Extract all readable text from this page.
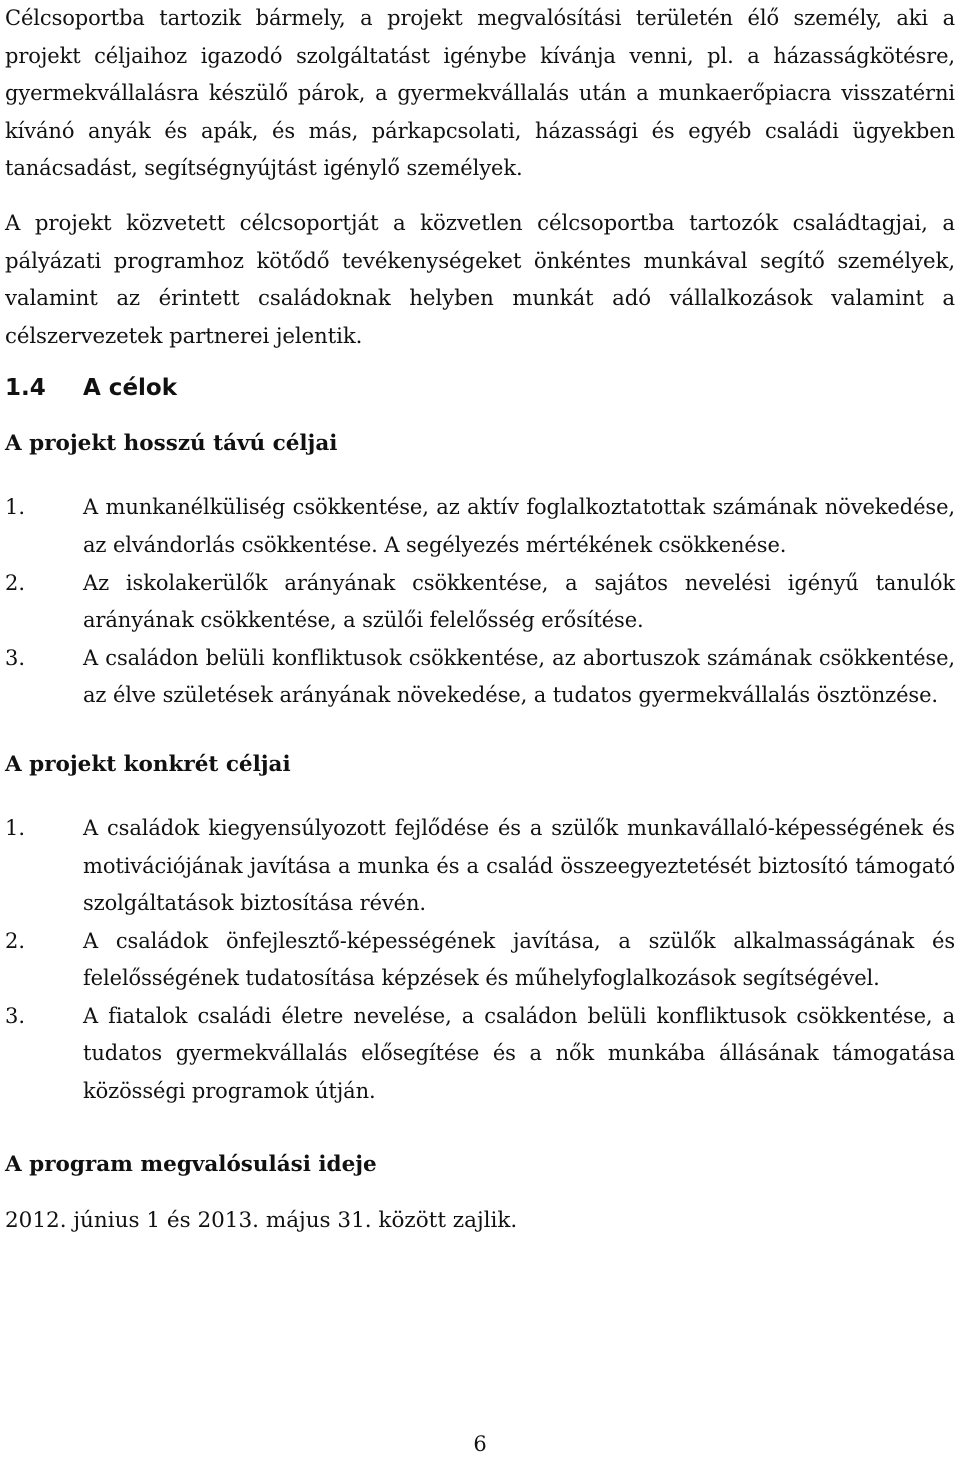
Célcsoportba tartozik bármely, a projekt megvalósítási területén élő személy, aki a projekt céljaihoz igazodó szolgáltatást igénybe kívánja venni, pl. a házasságkötésre, gyermekvállalásra készülő párok, a gyermekvállalás után a munkaerőpiacra visszatérni kívánó anyák és apák, és más, párkapcsolati, házassági és egyéb családi ügyekben tanácsadást, segítségnyújtást igénylő személyek.

A projekt közvetett célcsoportját a közvetlen célcsoportba tartozók családtagjai, a pályázati programhoz kötődő tevékenységeket önkéntes munkával segítő személyek, valamint az érintett családoknak helyben munkát adó vállalkozások valamint a célszervezetek partnerei jelentik.

1.4	A célok
A projekt hosszú távú céljai
1.	A munkanélküliség csökkentése, az aktív foglalkoztatottak számának növekedése, az elvándorlás csökkentése. A segélyezés mértékének csökkenése.
2.	Az iskolakerülők arányának csökkentése, a sajátos nevelési igényű tanulók arányának csökkentése, a szülői felelősség erősítése.
3.	A családon belüli konfliktusok csökkentése, az abortuszok számának csökkentése, az élve születések arányának növekedése, a tudatos gyermekvállalás ösztönzése.
A projekt konkrét céljai
1.	A családok kiegyensúlyozott fejlődése és a szülők munkavállaló-képességének és motivációjának javítása a munka és a család összeegyeztetését biztosító támogató szolgáltatások biztosítása révén.
2.	A családok önfejlesztő-képességének javítása, a szülők alkalmasságának és felelősségének tudatosítása képzések és műhelyfoglalkozások segítségével.
3.	A fiatalok családi életre nevelése, a családon belüli konfliktusok csökkentése, a tudatos gyermekvállalás elősegítése és a nők munkába állásának támogatása közösségi programok útján.
A program megvalósulási ideje

2012. június 1 és 2013. május 31. között zajlik.

6
